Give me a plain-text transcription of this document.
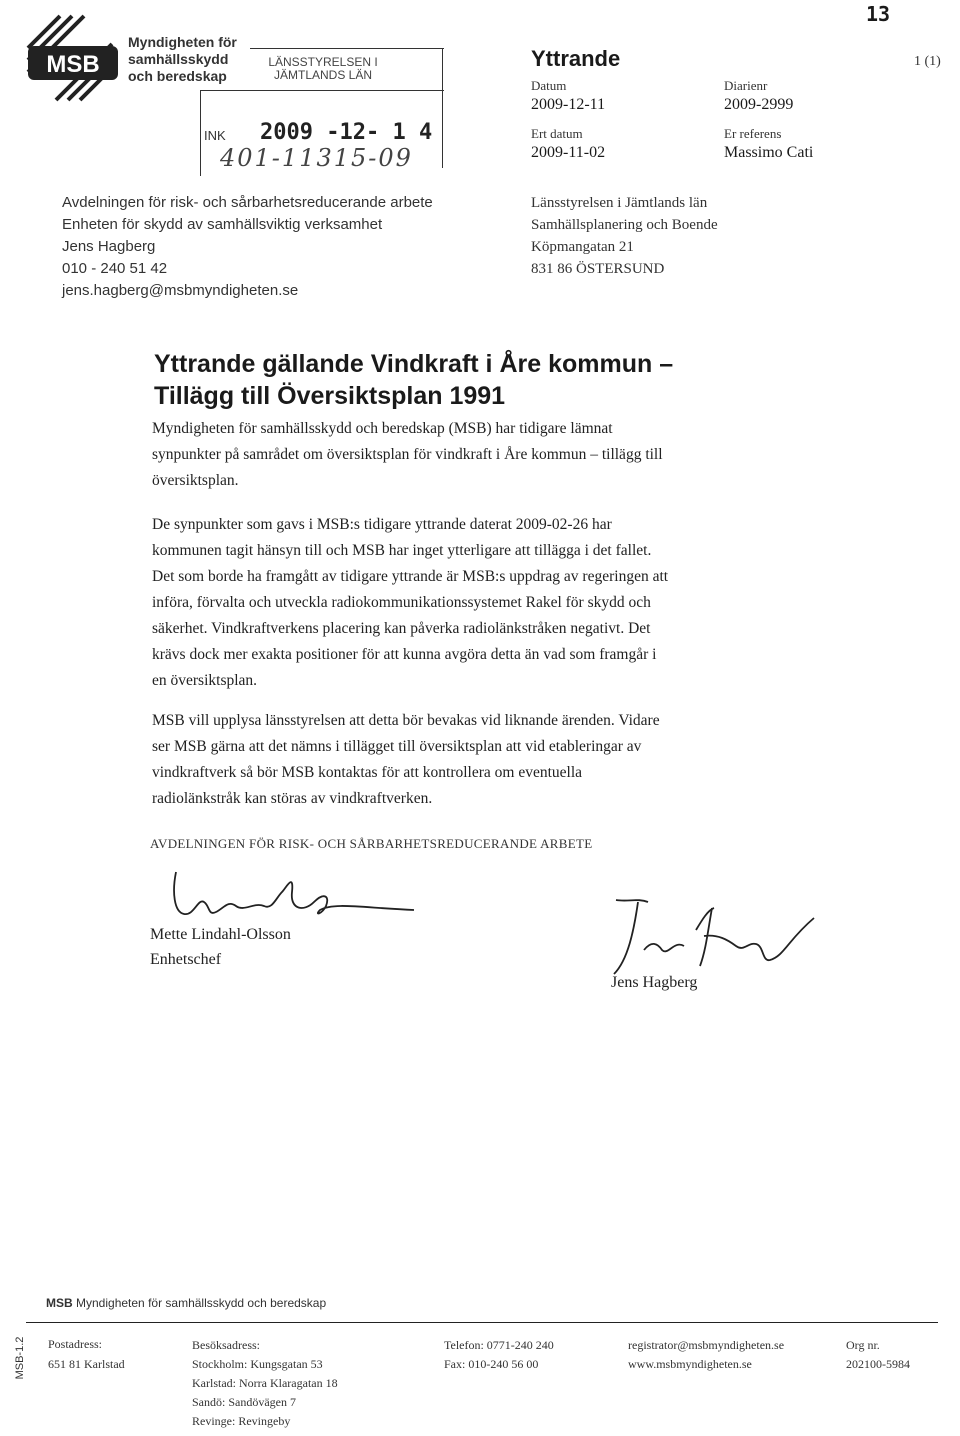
13
MSB
Myndigheten för
samhällsskydd
och beredskap
LÄNSSTYRELSEN I
JÄMTLANDS LÄN
INK 2009 -12- 1 4
401-11315-09
Yttrande	1 (1)
Datum
2009-12-11
Diarienr
2009-2999
Ert datum
2009-11-02
Er referens
Massimo Cati
Avdelningen för risk- och sårbarhetsreducerande arbete
Enheten för skydd av samhällsviktig verksamhet
Jens Hagberg
010 - 240 51 42
jens.hagberg@msbmyndigheten.se
Länsstyrelsen i Jämtlands län
Samhällsplanering och Boende
Köpmangatan 21
831 86 ÖSTERSUND
Yttrande gällande Vindkraft i Åre kommun –
Tillägg till Översiktsplan 1991
Myndigheten för samhällsskydd och beredskap (MSB) har tidigare lämnat
synpunkter på samrådet om översiktsplan för vindkraft i Åre kommun – tillägg till
översiktsplan.
De synpunkter som gavs i MSB:s tidigare yttrande daterat 2009-02-26 har
kommunen tagit hänsyn till och MSB har inget ytterligare att tillägga i det fallet.
Det som borde ha framgått av tidigare yttrande är MSB:s uppdrag av regeringen att
införa, förvalta och utveckla radiokommunikationssystemet Rakel för skydd och
säkerhet. Vindkraftverkens placering kan påverka radiolänkstråken negativt. Det
krävs dock mer exakta positioner för att kunna avgöra detta än vad som framgår i
en översiktsplan.
MSB vill upplysa länsstyrelsen att detta bör bevakas vid liknande ärenden. Vidare
ser MSB gärna att det nämns i tillägget till översiktsplan att vid etableringar av
vindkraftverk så bör MSB kontaktas för att kontrollera om eventuella
radiolänkstråk kan störas av vindkraftverken.
AVDELNINGEN FÖR RISK- OCH SÅRBARHETSREDUCERANDE ARBETE
Mette Lindahl-Olsson
Enhetschef
Jens Hagberg
MSB Myndigheten för samhällsskydd och beredskap
MSB-1.2 Postadress:
651 81 Karlstad
Besöksadress:
Stockholm: Kungsgatan 53
Karlstad: Norra Klaragatan 18
Sandö: Sandövägen 7
Revinge: Revingeby
Telefon: 0771-240 240
Fax: 010-240 56 00
registrator@msbmyndigheten.se
www.msbmyndigheten.se
Org nr.
202100-5984
